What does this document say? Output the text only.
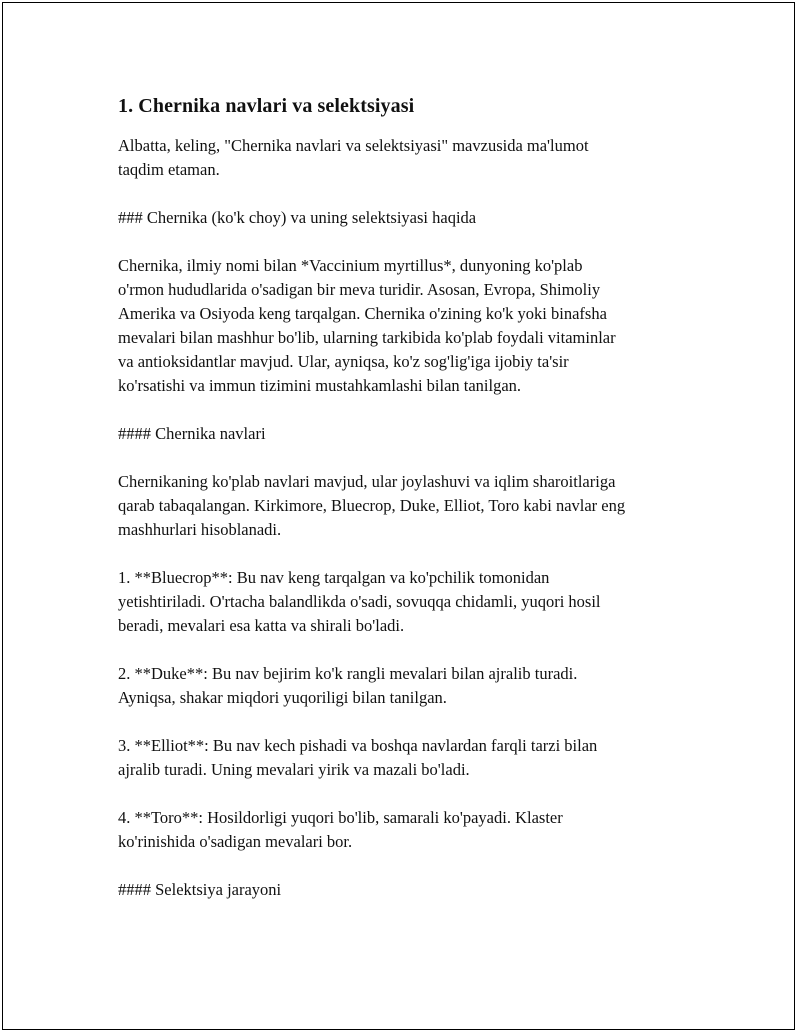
1. Chernika navlari va selektsiyasi

Albatta, keling, "Chernika navlari va selektsiyasi" mavzusida ma'lumot
taqdim etaman.

### Chernika (ko'k choy) va uning selektsiyasi haqida

Chernika, ilmiy nomi bilan *Vaccinium myrtillus*, dunyoning ko'plab
o'rmon hududlarida o'sadigan bir meva turidir. Asosan, Evropa, Shimoliy
Amerika va Osiyoda keng tarqalgan. Chernika o'zining ko'k yoki binafsha
mevalari bilan mashhur bo'lib, ularning tarkibida ko'plab foydali vitaminlar
va antioksidantlar mavjud. Ular, ayniqsa, ko'z sog'lig'iga ijobiy ta'sir
ko'rsatishi va immun tizimini mustahkamlashi bilan tanilgan.

#### Chernika navlari

Chernikaning ko'plab navlari mavjud, ular joylashuvi va iqlim sharoitlariga
qarab tabaqalangan. Kirkimore, Bluecrop, Duke, Elliot, Toro kabi navlar eng
mashhurlari hisoblanadi.

1. **Bluecrop**: Bu nav keng tarqalgan va ko'pchilik tomonidan
yetishtiriladi. O'rtacha balandlikda o'sadi, sovuqqa chidamli, yuqori hosil
beradi, mevalari esa katta va shirali bo'ladi.

2. **Duke**: Bu nav bejirim ko'k rangli mevalari bilan ajralib turadi.
Ayniqsa, shakar miqdori yuqoriligi bilan tanilgan.

3. **Elliot**: Bu nav kech pishadi va boshqa navlardan farqli tarzi bilan
ajralib turadi. Uning mevalari yirik va mazali bo'ladi.

4. **Toro**: Hosildorligi yuqori bo'lib, samarali ko'payadi. Klaster
ko'rinishida o'sadigan mevalari bor.

#### Selektsiya jarayoni
